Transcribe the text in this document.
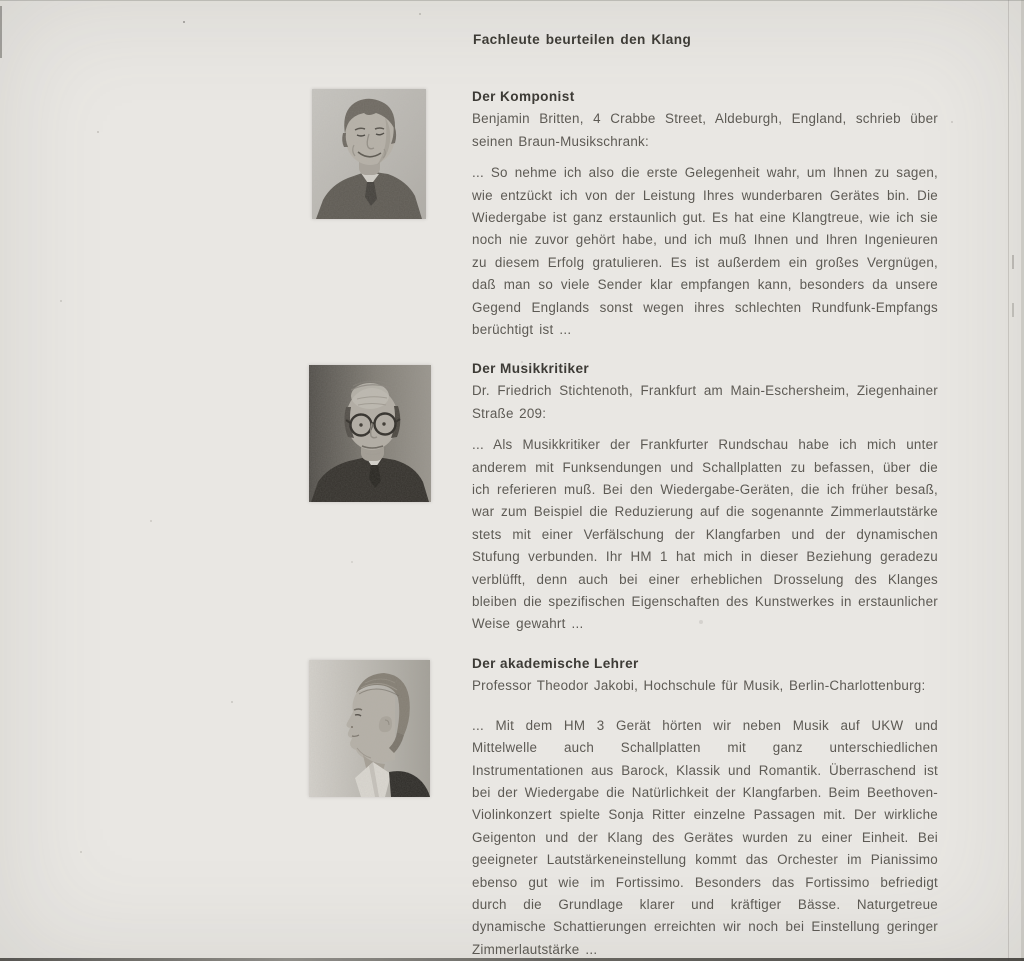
Fachleute beurteilen den Klang
Der Komponist

Benjamin Britten, 4 Crabbe Street, Aldeburgh, England, schrieb über seinen Braun-Musikschrank:

... So nehme ich also die erste Gelegenheit wahr, um Ihnen zu sagen, wie entzückt ich von der Leistung Ihres wunderbaren Gerätes bin. Die Wiedergabe ist ganz erstaunlich gut. Es hat eine Klangtreue, wie ich sie noch nie zuvor gehört habe, und ich muß Ihnen und Ihren Ingenieuren zu diesem Erfolg gratulieren. Es ist außerdem ein großes Vergnügen, daß man so viele Sender klar empfangen kann, besonders da unsere Gegend Englands sonst wegen ihres schlechten Rundfunk-Empfangs berüchtigt ist ...

Der Musikkritiker

Dr. Friedrich Stichtenoth, Frankfurt am Main-Eschersheim, Ziegenhainer Straße 209:

... Als Musikkritiker der Frankfurter Rundschau habe ich mich unter anderem mit Funksendungen und Schallplatten zu befassen, über die ich referieren muß. Bei den Wiedergabe-Geräten, die ich früher besaß, war zum Beispiel die Reduzierung auf die sogenannte Zimmerlautstärke stets mit einer Verfälschung der Klangfarben und der dynamischen Stufung verbunden. Ihr HM 1 hat mich in dieser Beziehung geradezu verblüfft, denn auch bei einer erheblichen Drosselung des Klanges bleiben die spezifischen Eigenschaften des Kunstwerkes in erstaunlicher Weise gewahrt ...

Der akademische Lehrer

Professor Theodor Jakobi, Hochschule für Musik, Berlin-Charlottenburg:

... Mit dem HM 3 Gerät hörten wir neben Musik auf UKW und Mittelwelle auch Schallplatten mit ganz unterschiedlichen Instrumentationen aus Barock, Klassik und Romantik. Überraschend ist bei der Wiedergabe die Natürlichkeit der Klangfarben. Beim Beethoven-Violinkonzert spielte Sonja Ritter einzelne Passagen mit. Der wirkliche Geigenton und der Klang des Gerätes wurden zu einer Einheit. Bei geeigneter Lautstärkeneinstellung kommt das Orchester im Pianissimo ebenso gut wie im Fortissimo. Besonders das Fortissimo befriedigt durch die Grundlage klarer und kräftiger Bässe. Naturgetreue dynamische Schattierungen erreichten wir noch bei Einstellung geringer Zimmerlautstärke ...
